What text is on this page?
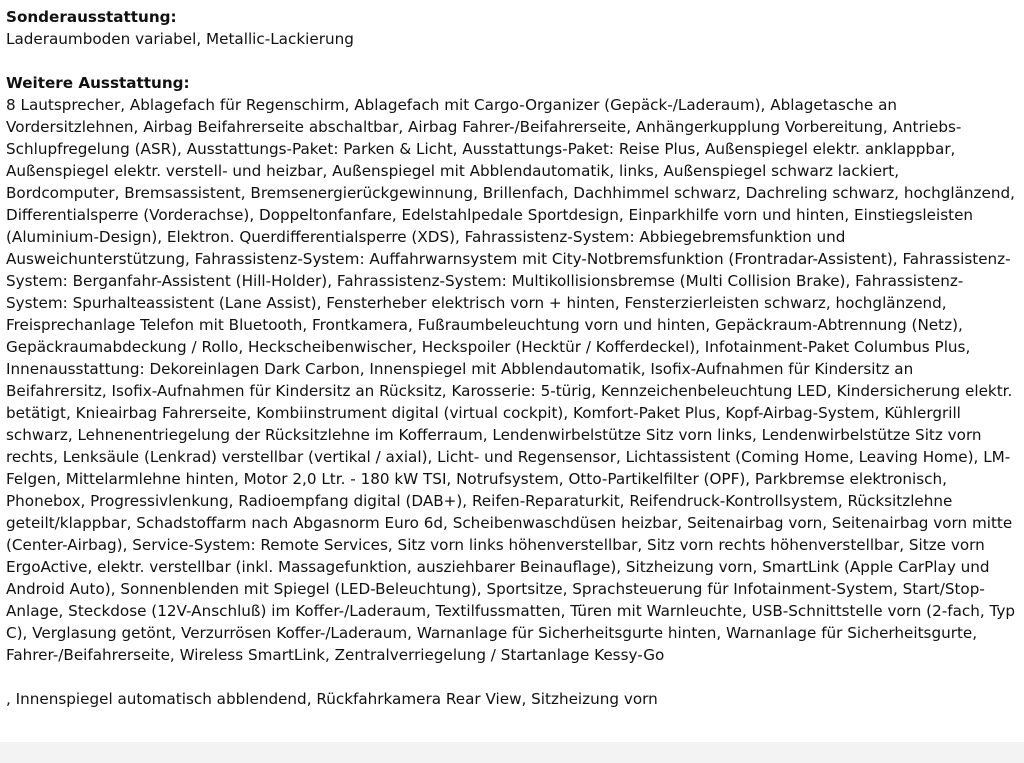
Sonderausstattung:
Laderaumboden variabel, Metallic-Lackierung
Weitere Ausstattung:
8 Lautsprecher, Ablagefach für Regenschirm, Ablagefach mit Cargo-Organizer (Gepäck-/Laderaum), Ablagetasche an Vordersitzlehnen, Airbag Beifahrerseite abschaltbar, Airbag Fahrer-/Beifahrerseite, Anhängerkupplung Vorbereitung, Antriebs-Schlupfregelung (ASR), Ausstattungs-Paket: Parken & Licht, Ausstattungs-Paket: Reise Plus, Außenspiegel elektr. anklappbar, Außenspiegel elektr. verstell- und heizbar, Außenspiegel mit Abblendautomatik, links, Außenspiegel schwarz lackiert, Bordcomputer, Bremsassistent, Bremsenergierückgewinnung, Brillenfach, Dachhimmel schwarz, Dachreling schwarz, hochglänzend, Differentialsperre (Vorderachse), Doppeltonfanfare, Edelstahlpedale Sportdesign, Einparkhilfe vorn und hinten, Einstiegsleisten (Aluminium-Design), Elektron. Querdifferentialsperre (XDS), Fahrassistenz-System: Abbiegebremsfunktion und Ausweichunterstützung, Fahrassistenz-System: Auffahrwarnsystem mit City-Notbremsfunktion (Frontradar-Assistent), Fahrassistenz-System: Berganfahr-Assistent (Hill-Holder), Fahrassistenz-System: Multikollisionsbremse (Multi Collision Brake), Fahrassistenz-System: Spurhalteassistent (Lane Assist), Fensterheber elektrisch vorn + hinten, Fensterzierleisten schwarz, hochglänzend, Freisprechanlage Telefon mit Bluetooth, Frontkamera, Fußraumbeleuchtung vorn und hinten, Gepäckraum-Abtrennung (Netz), Gepäckraumabdeckung / Rollo, Heckscheibenwischer, Heckspoiler (Hecktür / Kofferdeckel), Infotainment-Paket Columbus Plus, Innenausstattung: Dekoreinlagen Dark Carbon, Innenspiegel mit Abblendautomatik, Isofix-Aufnahmen für Kindersitz an Beifahrersitz, Isofix-Aufnahmen für Kindersitz an Rücksitz, Karosserie: 5-türig, Kennzeichenbeleuchtung LED, Kindersicherung elektr. betätigt, Knieairbag Fahrerseite, Kombiinstrument digital (virtual cockpit), Komfort-Paket Plus, Kopf-Airbag-System, Kühlergrill schwarz, Lehnenentriegelung der Rücksitzlehne im Kofferraum, Lendenwirbelstütze Sitz vorn links, Lendenwirbelstütze Sitz vorn rechts, Lenksäule (Lenkrad) verstellbar (vertikal / axial), Licht- und Regensensor, Lichtassistent (Coming Home, Leaving Home), LM-Felgen, Mittelarmlehne hinten, Motor 2,0 Ltr. - 180 kW TSI, Notrufsystem, Otto-Partikelfilter (OPF), Parkbremse elektronisch, Phonebox, Progressivlenkung, Radioempfang digital (DAB+), Reifen-Reparaturkit, Reifendruck-Kontrollsystem, Rücksitzlehne geteilt/klappbar, Schadstoffarm nach Abgasnorm Euro 6d, Scheibenwaschdüsen heizbar, Seitenairbag vorn, Seitenairbag vorn mitte (Center-Airbag), Service-System: Remote Services, Sitz vorn links höhenverstellbar, Sitz vorn rechts höhenverstellbar, Sitze vorn ErgoActive, elektr. verstellbar (inkl. Massagefunktion, ausziehbarer Beinauflage), Sitzheizung vorn, SmartLink (Apple CarPlay und Android Auto), Sonnenblenden mit Spiegel (LED-Beleuchtung), Sportsitze, Sprachsteuerung für Infotainment-System, Start/Stop-Anlage, Steckdose (12V-Anschluß) im Koffer-/Laderaum, Textilfussmatten, Türen mit Warnleuchte, USB-Schnittstelle vorn (2-fach, Typ C), Verglasung getönt, Verzurrösen Koffer-/Laderaum, Warnanlage für Sicherheitsgurte hinten, Warnanlage für Sicherheitsgurte, Fahrer-/Beifahrerseite, Wireless SmartLink, Zentralverriegelung / Startanlage Kessy-Go
, Innenspiegel automatisch abblendend, Rückfahrkamera Rear View, Sitzheizung vorn
